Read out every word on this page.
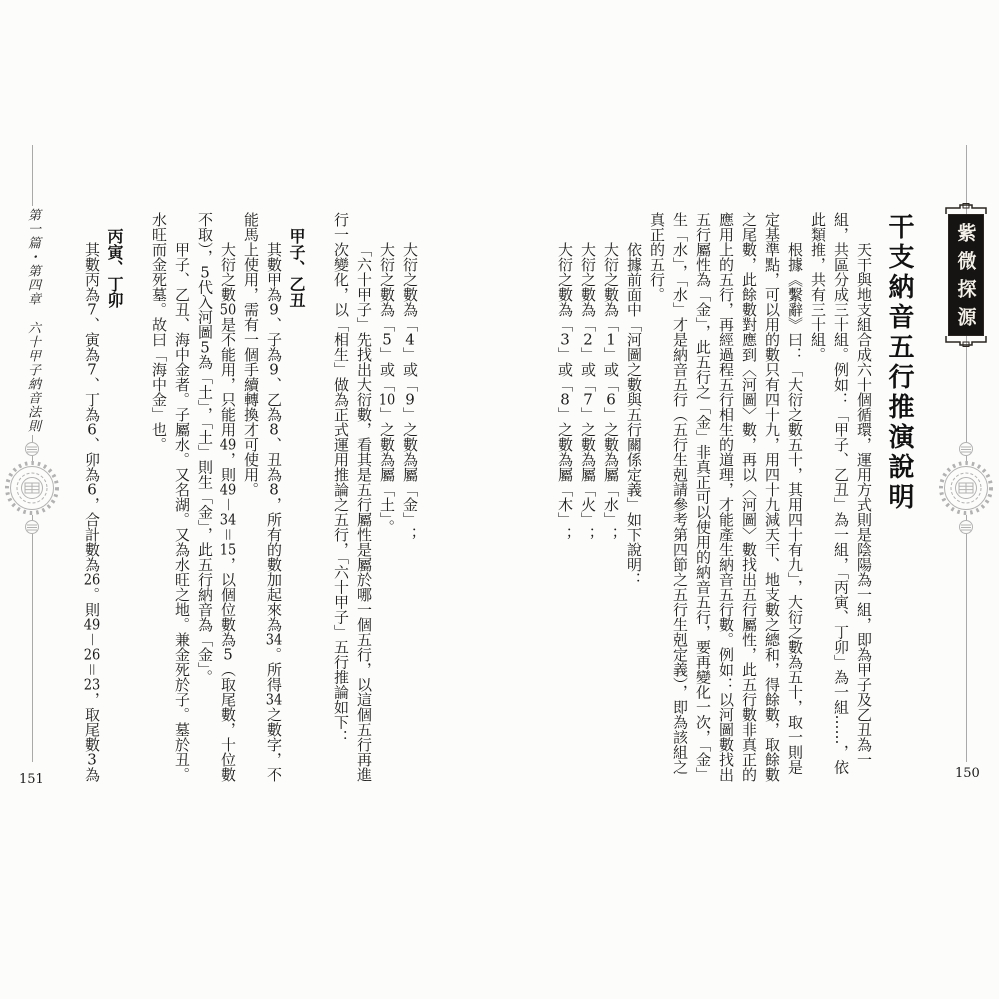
紫微探源
第一篇・第四章六十甲子納音法則
150
151
干支納音五行推演說明

天干與地支組合成六十個循環，運用方式則是陰陽為一組，即為甲子及乙丑為一組，共區分成三十組。例如：「甲子、乙丑」為一組，「丙寅、丁卯」為一組……，依此類推，共有三十組。

根據《繫辭》曰：「大衍之數五十，其用四十有九」，大衍之數為五十，取一則是定基準點，可以用的數只有四十九，用四十九減天干、地支數之總和，得餘數，取餘數之尾數，此餘數對應到〈河圖〉數，再以〈河圖〉數找出五行屬性，此五行數非真正的應用上的五行，再經過程五行相生的道理，才能產生納音五行數。例如：以河圖數找出五行屬性為「金」，此五行之「金」非真正可以使用的納音五行，要再變化一次，「金」生「水」，「水」才是納音五行（五行生剋請參考第四節之五行生剋定義），即為該組之真正的五行。

依據前面中「河圖之數與五行關係定義」如下說明：

大衍之數為「1」或「6」之數為屬「水」；

大衍之數為「2」或「7」之數為屬「火」；

大衍之數為「3」或「8」之數為屬「木」；

大衍之數為「4」或「9」之數為屬「金」；

大衍之數為「5」或「10」之數為屬「土」。

「六十甲子」先找出大衍數，看其是五行屬性是屬於哪一個五行，以這個五行再進行一次變化，以「相生」做為正式運用推論之五行，「六十甲子」五行推論如下：

甲子、乙丑

其數甲為9、子為9、乙為8、丑為8，所有的數加起來為34。所得34之數字，不能馬上使用，需有一個手續轉換才可使用。

大衍之數50是不能用，只能用49，則49－34＝15，以個位數為5（取尾數，十位數不取），5代入河圖5為「土」，「土」則生「金」，此五行納音為「金」。

甲子、乙丑、海中金者。子屬水。又名湖。又為水旺之地。兼金死於子。墓於丑。水旺而金死墓。故曰「海中金」也。

丙寅、丁卯

其數丙為7、寅為7、丁為6、卯為6，合計數為26。則49－26＝23，取尾數3為
